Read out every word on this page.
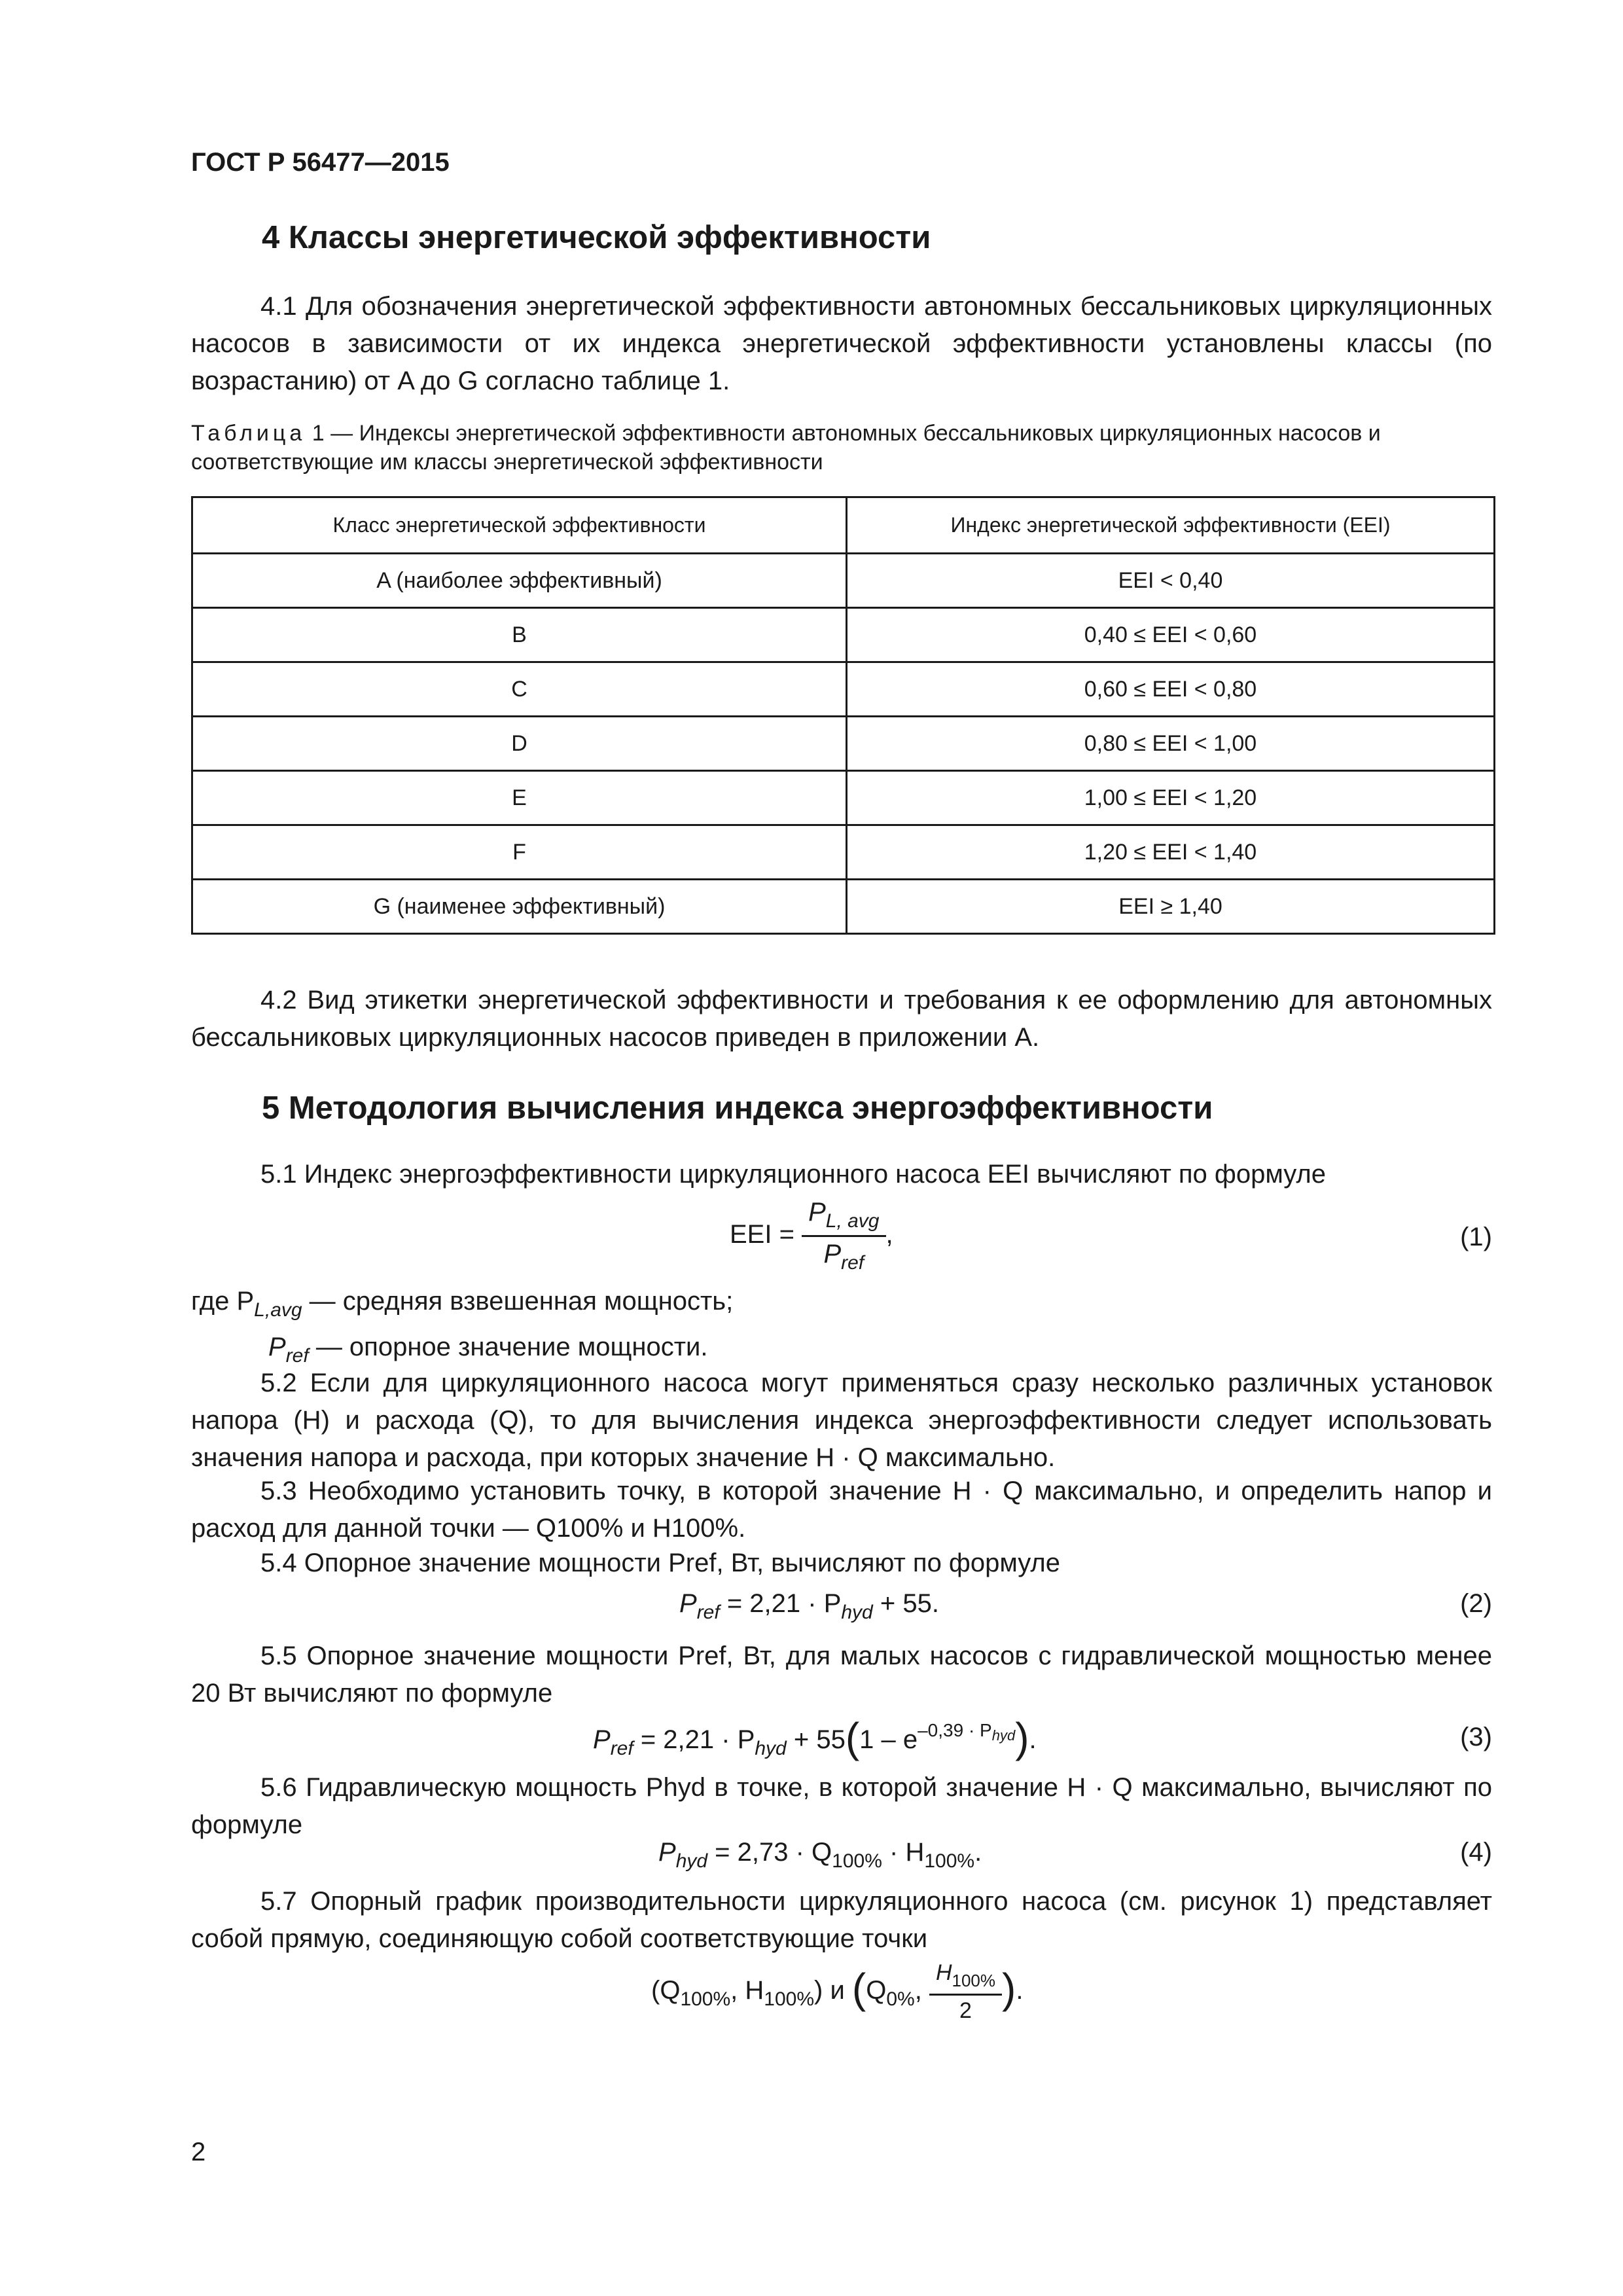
ГОСТ Р 56477—2015
4 Классы энергетической эффективности
4.1 Для обозначения энергетической эффективности автономных бессальниковых циркуляционных насосов в зависимости от их индекса энергетической эффективности установлены классы (по возрастанию) от A до G согласно таблице 1.
Таблица 1 — Индексы энергетической эффективности автономных бессальниковых циркуляционных насосов и соответствующие им классы энергетической эффективности
Класс энергетической эффективности	Индекс энергетической эффективности (EEI)
A (наиболее эффективный)	EEI < 0,40
B	0,40 ≤ EEI < 0,60
C	0,60 ≤ EEI < 0,80
D	0,80 ≤ EEI < 1,00
E	1,00 ≤ EEI < 1,20
F	1,20 ≤ EEI < 1,40
G (наименее эффективный)	EEI ≥ 1,40
4.2 Вид этикетки энергетической эффективности и требования к ее оформлению для автономных бессальниковых циркуляционных насосов приведен в приложении А.
5 Методология вычисления индекса энергоэффективности
5.1 Индекс энергоэффективности циркуляционного насоса EEI вычисляют по формуле
EEI = $\frac{P_{L, avg}}{P_{ref}}$ ,	(1)
где $P_{L,avg}$ — средняя взвешенная мощность;
$P_{ref}$ — опорное значение мощности.
5.2 Если для циркуляционного насоса могут применяться сразу несколько различных установок напора (H) и расхода (Q), то для вычисления индекса энергоэффективности следует использовать значения напора и расхода, при которых значение H · Q максимально.
5.3 Необходимо установить точку, в которой значение H · Q максимально, и определить напор и расход для данной точки — Q100% и H100%.
5.4 Опорное значение мощности Pref, Вт, вычисляют по формуле
$P_{ref} = 2,21 \cdot P_{hyd} + 55$.	(2)
5.5 Опорное значение мощности Pref, Вт, для малых насосов с гидравлической мощностью менее 20 Вт вычисляют по формуле
$P_{ref} = 2,21 \cdot P_{hyd} + 55(1 - e^{-0,39 \cdot P_{hyd}})$.	(3)
5.6 Гидравлическую мощность Phyd в точке, в которой значение H · Q максимально, вычисляют по формуле
$P_{hyd} = 2,73 \cdot Q_{100\%} \cdot H_{100\%}$.	(4)
5.7 Опорный график производительности циркуляционного насоса (см. рисунок 1) представляет собой прямую, соединяющую собой соответствующие точки
($Q_{100\%}$, $H_{100\%}$) и ($Q_{0\%}$, $\frac{H_{100\%}}{2}$ ).
2
